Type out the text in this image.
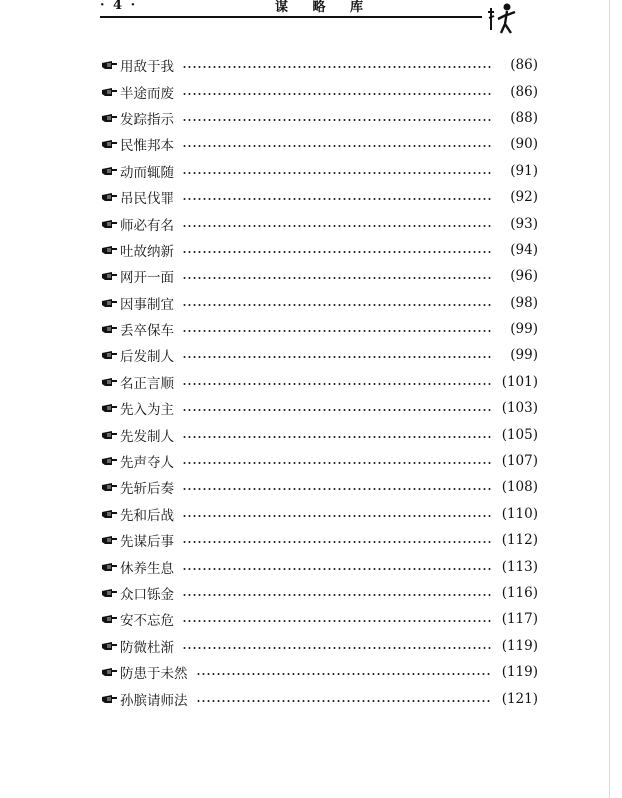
· 4 ·	谋 略 库
用敌于我	(86)
半途而废	(86)
发踪指示	(88)
民惟邦本	(90)
动而辄随	(91)
吊民伐罪	(92)
师必有名	(93)
吐故纳新	(94)
网开一面	(96)
因事制宜	(98)
丢卒保车	(99)
后发制人	(99)
名正言顺	(101)
先入为主	(103)
先发制人	(105)
先声夺人	(107)
先斩后奏	(108)
先和后战	(110)
先谋后事	(112)
休养生息	(113)
众口铄金	(116)
安不忘危	(117)
防微杜渐	(119)
防患于未然	(119)
孙膑请师法	(121)
